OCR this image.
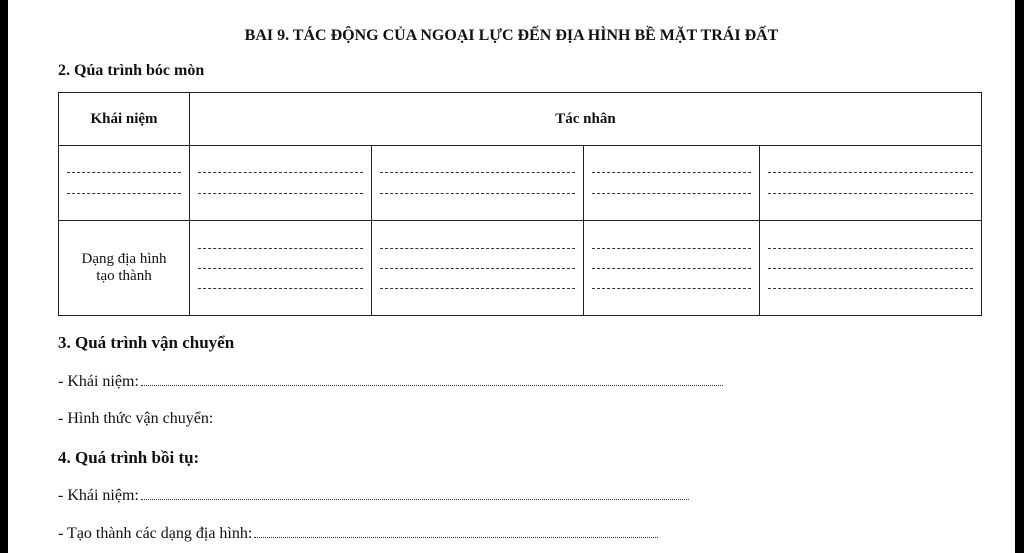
BAI 9. TÁC ĐỘNG CỦA NGOẠI LỰC ĐẾN ĐỊA HÌNH BỀ MẶT TRÁI ĐẤT
2. Qúa trình bóc mòn
Khái niệm	Tác nhân			

Dạng địa hình
tạo thành				

3. Quá trình vận chuyển
- Khái niệm:
- Hình thức vận chuyển:
4. Quá trình bồi tụ:
- Khái niệm:
- Tạo thành các dạng địa hình:
